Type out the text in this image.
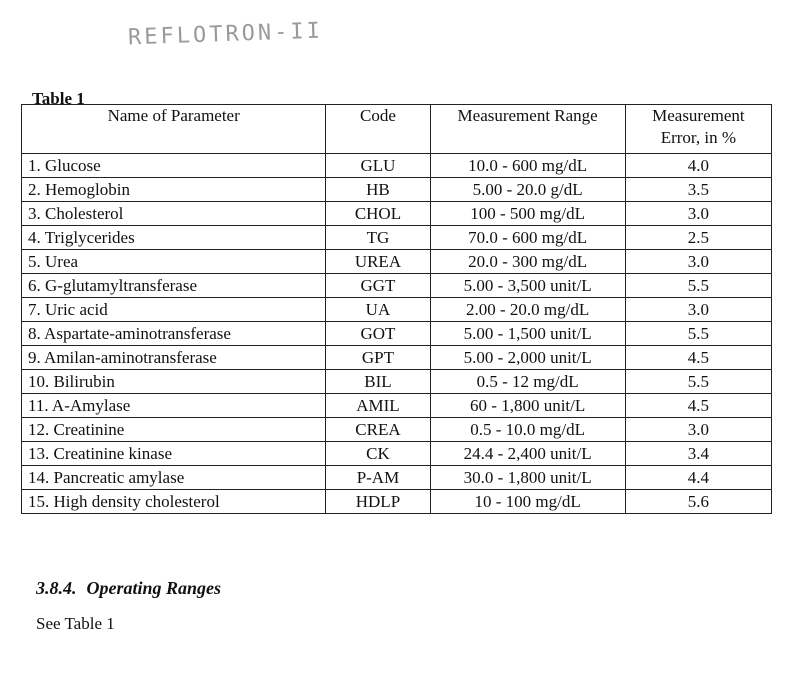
REFLOTRON-II
Table 1
Name of Parameter	Code	Measurement Range	Measurement
Error, in %

1. Glucose	GLU	10.0 - 600 mg/dL	4.0
2. Hemoglobin	HB	5.00 - 20.0 g/dL	3.5
3. Cholesterol	CHOL	100 - 500 mg/dL	3.0
4. Triglycerides	TG	70.0 - 600 mg/dL	2.5
5. Urea	UREA	20.0 - 300 mg/dL	3.0
6. G-glutamyltransferase	GGT	5.00 - 3,500 unit/L	5.5
7. Uric acid	UA	2.00 - 20.0 mg/dL	3.0
8. Aspartate-aminotransferase	GOT	5.00 - 1,500 unit/L	5.5
9. Amilan-aminotransferase	GPT	5.00 - 2,000 unit/L	4.5
10. Bilirubin	BIL	0.5 - 12 mg/dL	5.5
11. A-Amylase	AMIL	60 - 1,800 unit/L	4.5
12. Creatinine	CREA	0.5 - 10.0 mg/dL	3.0
13. Creatinine kinase	CK	24.4 - 2,400 unit/L	3.4
14. Pancreatic amylase	P-AM	30.0 - 1,800 unit/L	4.4
15. High density cholesterol	HDLP	10 - 100 mg/dL	5.6
3.8.4. Operating Ranges
See Table 1
